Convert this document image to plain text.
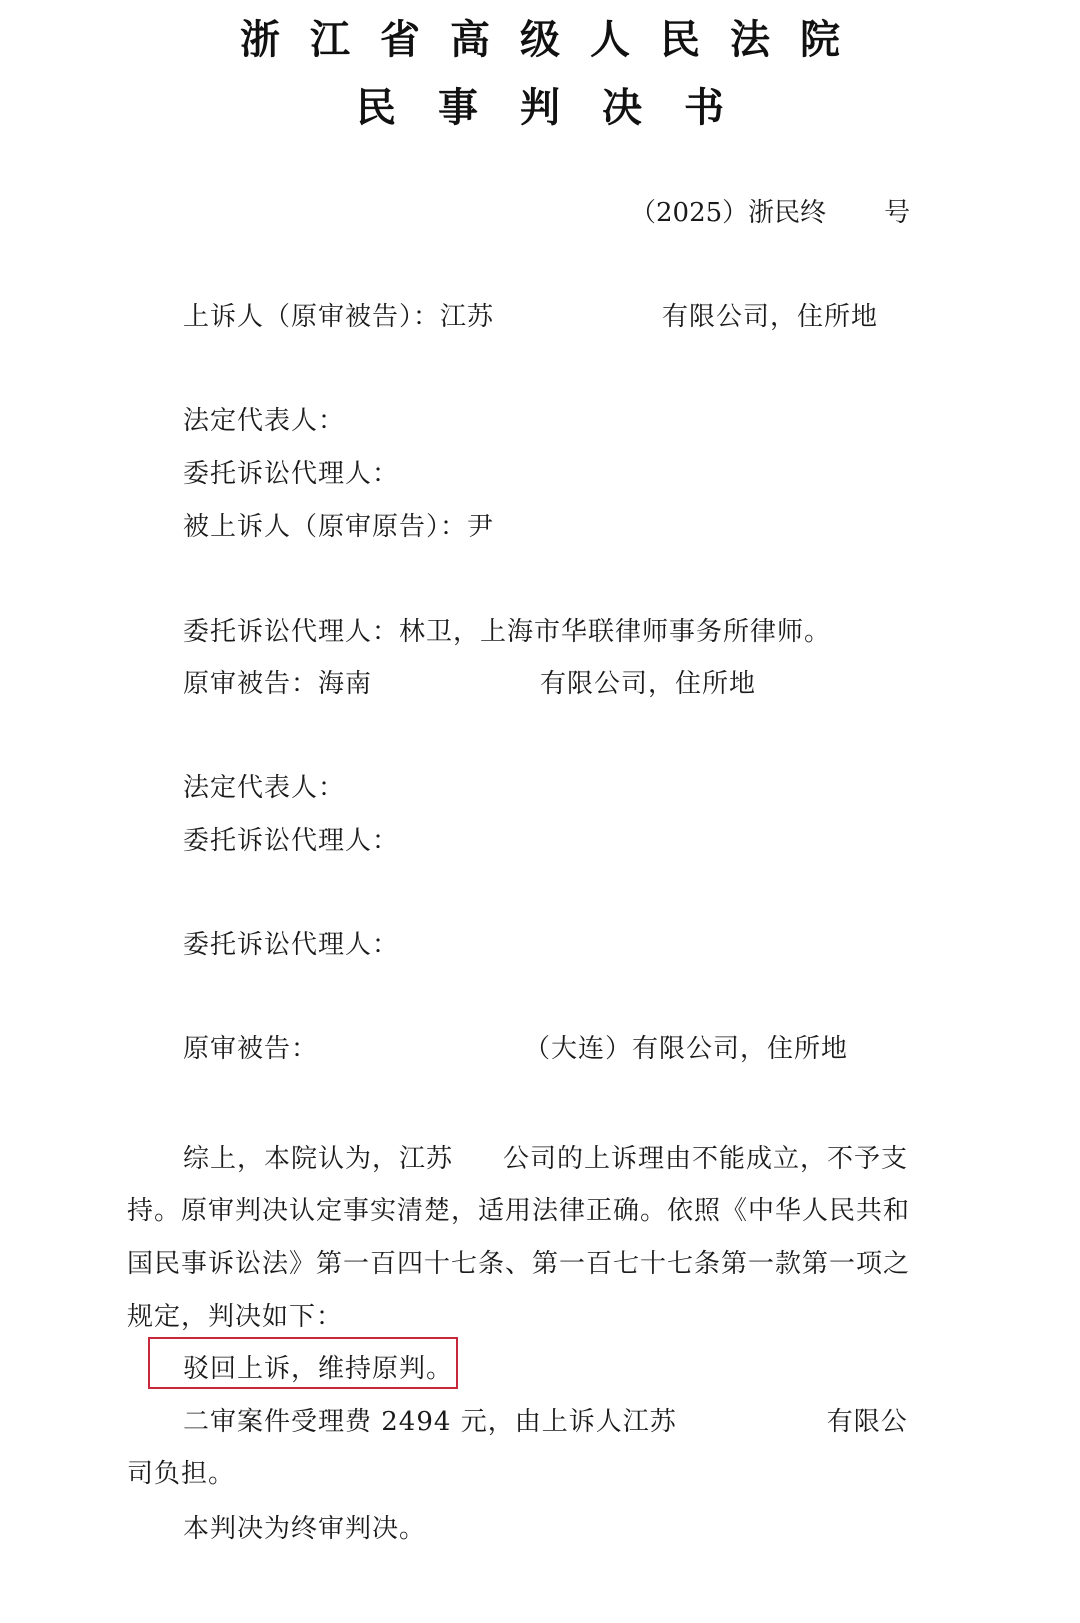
浙江省高级人民法院
民事判决书
（2025）浙民终 号
上诉人（原审被告）：江苏	有限公司，住所地
法定代表人：
委托诉讼代理人：
被上诉人（原审原告）：尹
委托诉讼代理人：林卫，上海市华联律师事务所律师。
原审被告：海南	有限公司，住所地
法定代表人：
委托诉讼代理人：
委托诉讼代理人：
原审被告：	（大连）有限公司，住所地
综上，本院认为，江苏 公司的上诉理由不能成立，不予支
持。原审判决认定事实清楚，适用法律正确。依照《中华人民共和
国民事诉讼法》第一百四十七条、第一百七十七条第一款第一项之
规定，判决如下：
驳回上诉，维持原判。
二审案件受理费 2494 元，由上诉人江苏	有限公
司负担。
本判决为终审判决。
